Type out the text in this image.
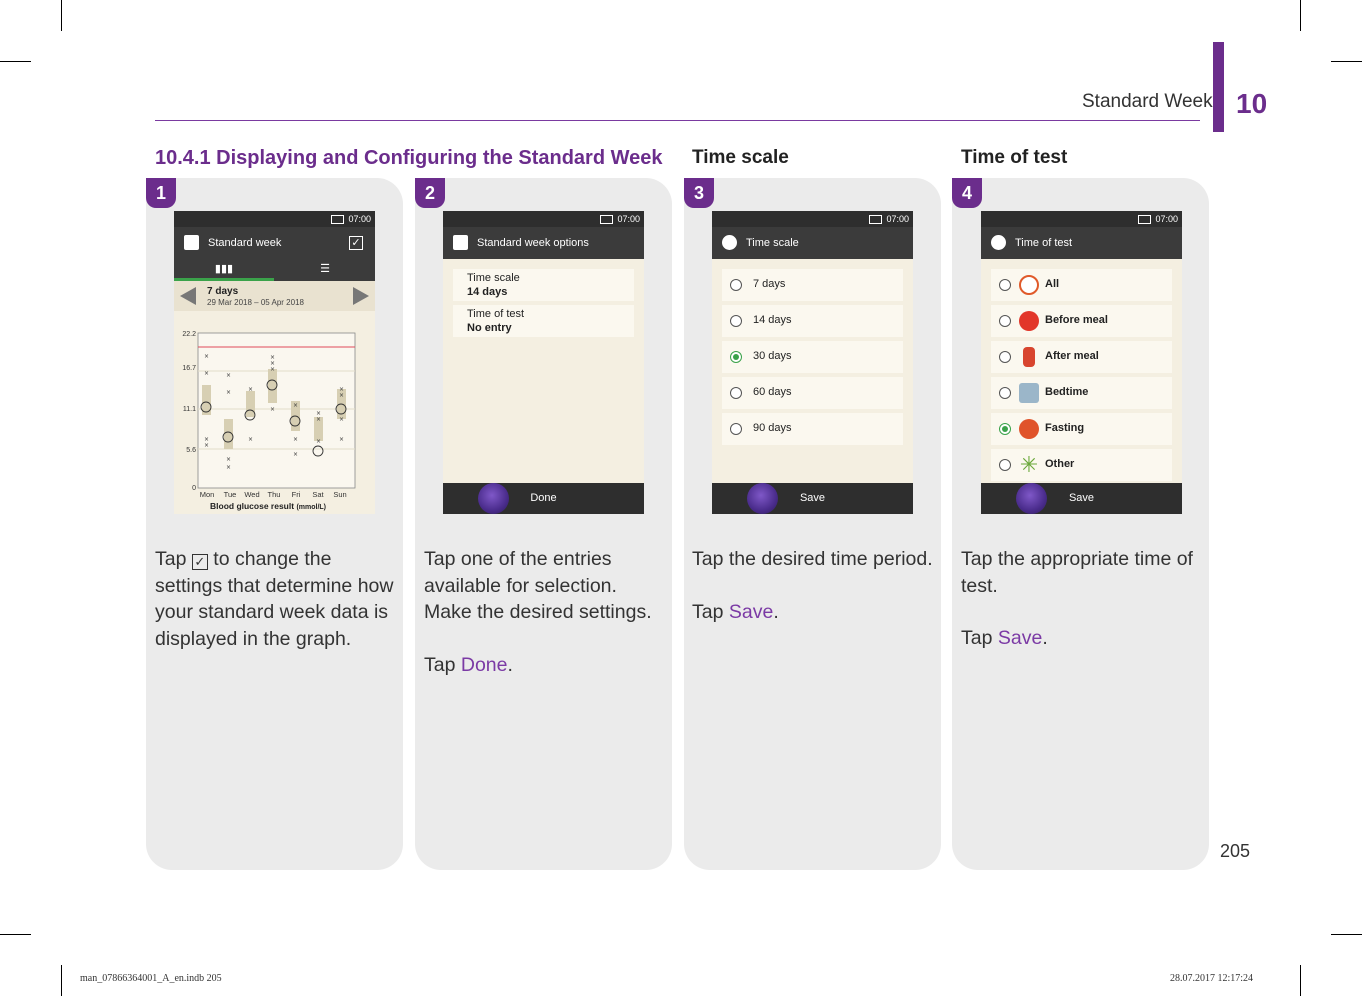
Standard Week 10
10.4.1 Displaying and Configuring the Standard Week Time scale	Time of test
1	2	3	4
07:00
Standard week	✓
▮▮▮	☰
7 days
29 Mar 2018 – 05 Apr 2018
×
×
×
×
×
×
×
×
×
×
×
×
×
×
×
×
×
×
×
×
×
×
×
×
22.2
16.7
11.1
5.6
0
Mon Tue Wed Thu Fri Sat Sun
Blood glucose result (mmol/L)
07:00
Standard week options
Time scale
14 days
Time of test
No entry
Done
07:00
Time scale
7 days
14 days
30 days
60 days
90 days
Save
07:00
Time of test
All
Before meal
After meal
Bedtime
Fasting
✳ Other
Save
Tap ✓ to change the settings that determine how your standard week data is displayed in the graph.

Tap one of the entries available for selection.

Make the desired settings.

Tap Done.

Tap the desired time period.

Tap Save.

Tap the appropriate time of test.

Tap Save.

205
man_07866364001_A_en.indb 205	28.07.2017 12:17:24
